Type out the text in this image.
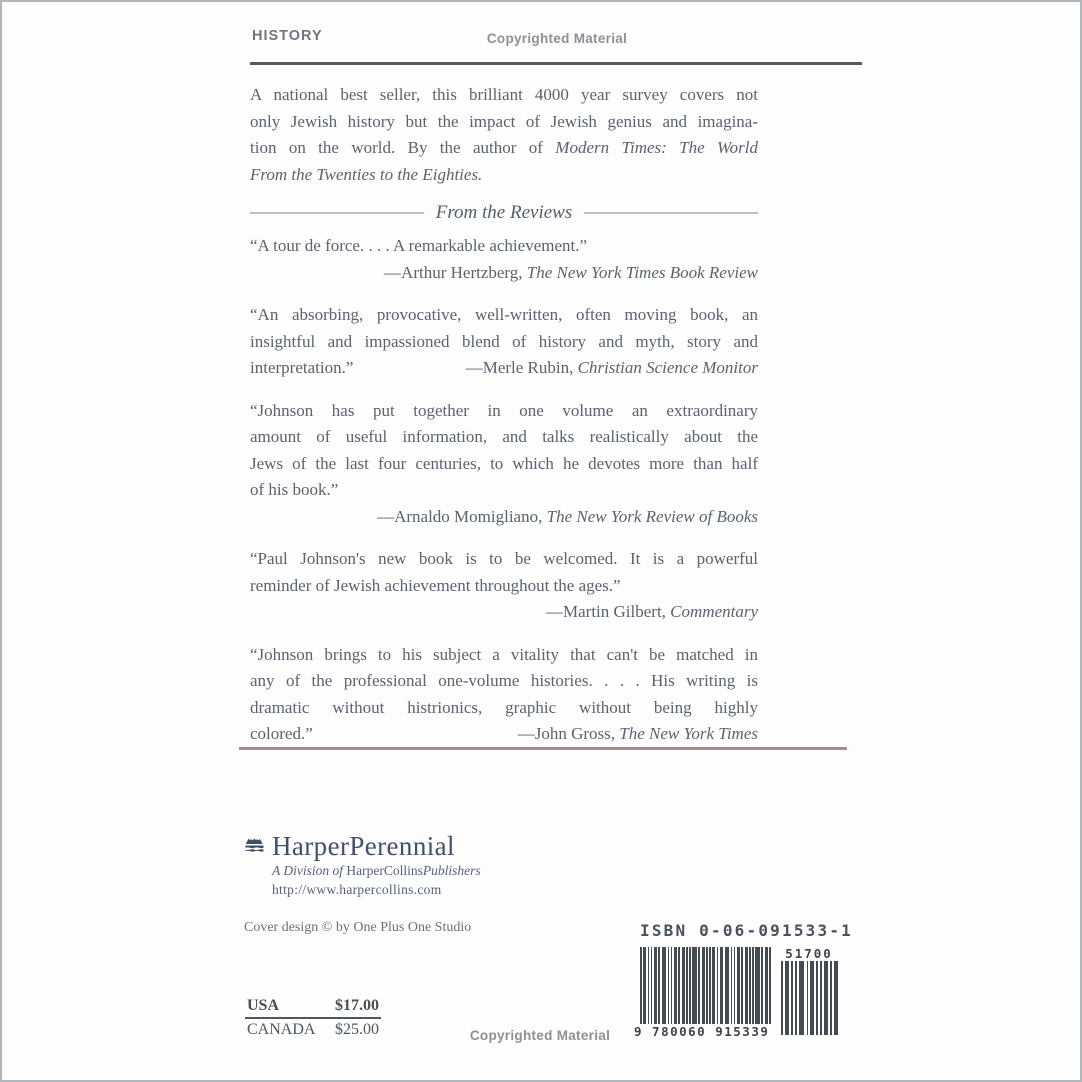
HISTORY	Copyrighted Material
A national best seller, this brilliant 4000 year survey covers not
only Jewish history but the impact of Jewish genius and imagina-
tion on the world. By the author of Modern Times: The World
From the Twenties to the Eighties.
From the Reviews
“A tour de force. . . . A remarkable achievement.”
—Arthur Hertzberg, The New York Times Book Review
“An absorbing, provocative, well-written, often moving book, an
insightful and impassioned blend of history and myth, story and
interpretation.”	—Merle Rubin, Christian Science Monitor
“Johnson has put together in one volume an extraordinary
amount of useful information, and talks realistically about the
Jews of the last four centuries, to which he devotes more than half
of his book.”
—Arnaldo Momigliano, The New York Review of Books
“Paul Johnson's new book is to be welcomed. It is a powerful
reminder of Jewish achievement throughout the ages.”
—Martin Gilbert, Commentary
“Johnson brings to his subject a vitality that can't be matched in
any of the professional one-volume histories. . . . His writing is
dramatic without histrionics, graphic without being highly
colored.”	—John Gross, The New York Times
HarperPerennial
A Division of HarperCollinsPublishers
http://www.harpercollins.com
Cover design © by One Plus One Studio	ISBN 0-06-091533-1
9 780060 915339
51700
USA	$17.00
CANADA $25.00	Copyrighted Material
